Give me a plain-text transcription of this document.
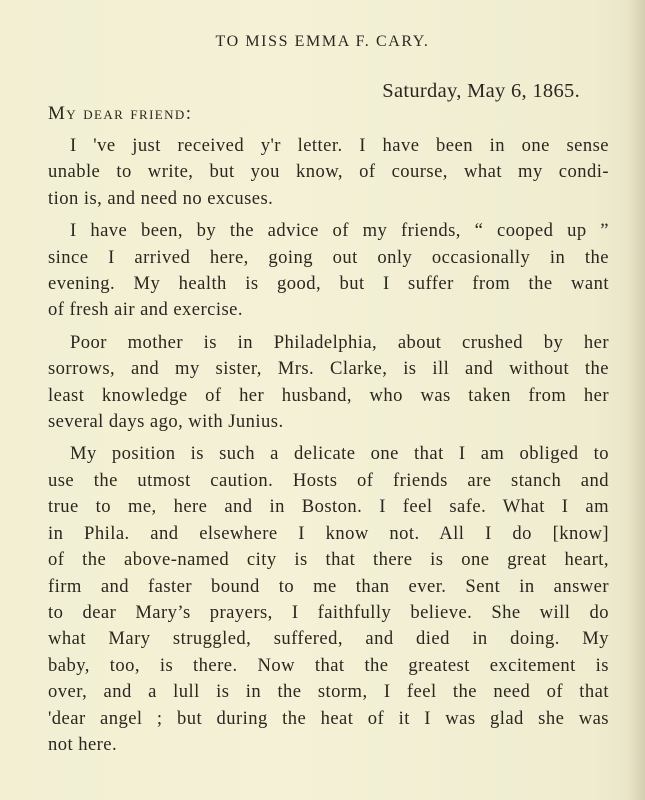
TO MISS EMMA F. CARY.
Saturday, May 6, 1865.
My dear friend:
I 've just received y'r letter. I have been in one sense
unable to write, but you know, of course, what my condi-
tion is, and need no excuses.
I have been, by the advice of my friends, “ cooped up ”
since I arrived here, going out only occasionally in the
evening. My health is good, but I suffer from the want
of fresh air and exercise.
Poor mother is in Philadelphia, about crushed by her
sorrows, and my sister, Mrs. Clarke, is ill and without the
least knowledge of her husband, who was taken from her
several days ago, with Junius.
My position is such a delicate one that I am obliged to
use the utmost caution. Hosts of friends are stanch and
true to me, here and in Boston. I feel safe. What I am
in Phila. and elsewhere I know not. All I do [know]
of the above-named city is that there is one great heart,
firm and faster bound to me than ever. Sent in answer
to dear Mary’s prayers, I faithfully believe. She will do
what Mary struggled, suffered, and died in doing. My
baby, too, is there. Now that the greatest excitement is
over, and a lull is in the storm, I feel the need of that
'dear angel ; but during the heat of it I was glad she was
not here.
